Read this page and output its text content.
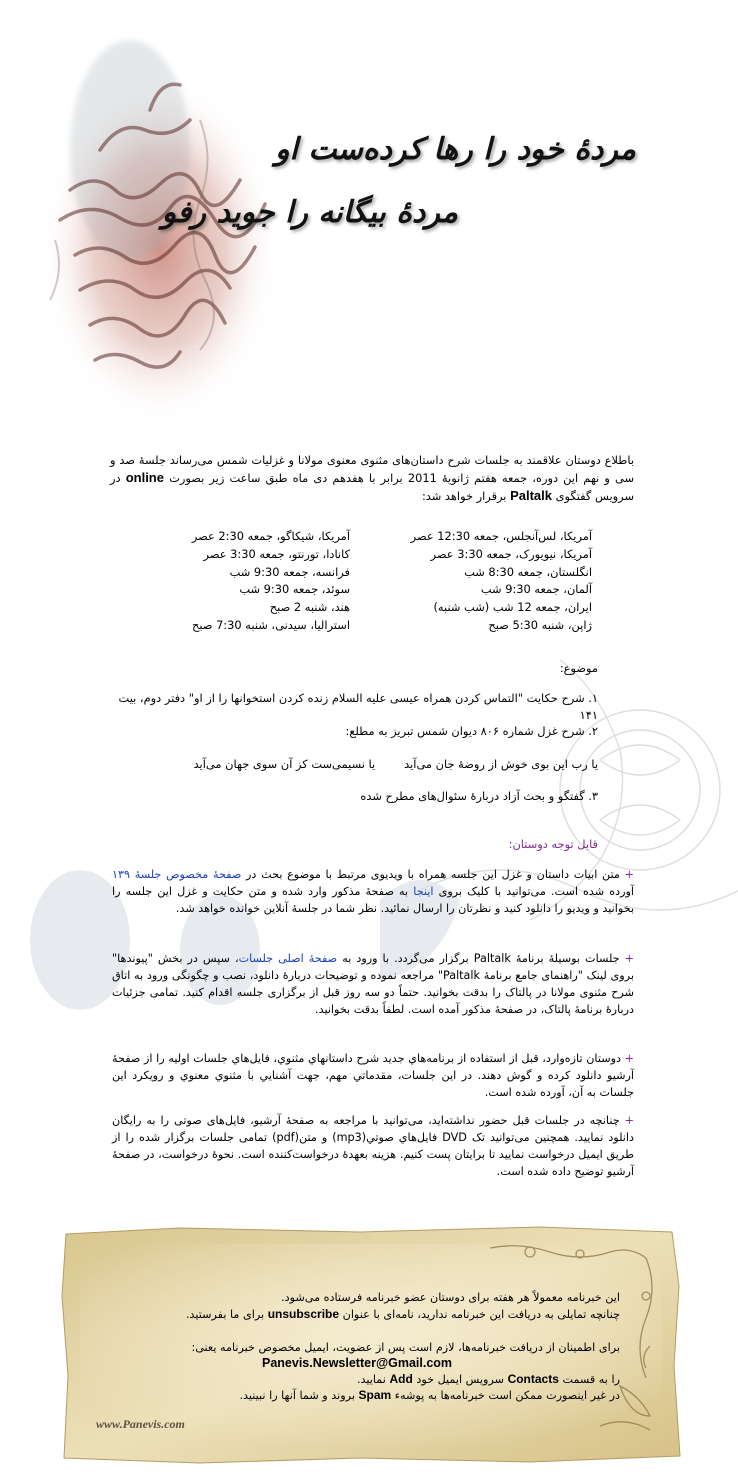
مردۀ خود را رها کرده‌ست او
مردۀ بیگانه را جوید رفو
باطلاع دوستان علاقمند به جلسات شرح داستان‌های مثنوی معنوی مولانا و غزلیات شمس می‌رساند جلسۀ صد و سی و نهم این دوره، جمعه هفتم ژانویۀ 2011 برابر با هفدهم دی ماه طبق ساعت زیر بصورت online در سرویس گفتگوی Paltalk برقرار خواهد شد:
آمریکا، لس‌آنجلس، جمعه 12:30 عصر
آمریکا، نیویورک، جمعه 3:30 عصر
انگلستان، جمعه 8:30 شب
آلمان، جمعه 9:30 شب
ایران، جمعه 12 شب (شب شنبه)
ژاپن، شنبه 5:30 صبح
آمریکا، شیکاگو، جمعه 2:30 عصر
کانادا، تورنتو، جمعه 3:30 عصر
فرانسه، جمعه 9:30 شب
سوئد، جمعه 9:30 شب
هند، شنبه 2 صبح
استرالیا، سیدنی، شنبه 7:30 صبح
موضوع:
۱. شرح حکایت "التماس کردن همراه عیسی علیه السلام زنده کردن استخوانها را از او" دفتر دوم، بیت ۱۴۱
۲. شرح غزل شماره ۸۰۶ دیوان شمس تبریز به مطلع:
یا رب این بوی خوش از روضۀ جان می‌آید        یا نسیمی‌ست کز آن سوی جهان می‌آید
۳. گفتگو و بحث آزاد دربارۀ سئوال‌های مطرح شده
قابل توجه دوستان:
+ متن ابیات داستان و غزل این جلسه همراه با ویدیوی مرتبط با موضوع بحث در صفحۀ مخصوص جلسۀ ۱۳۹ آورده شده است. می‌توانید با کلیک بروی اینجا به صفحۀ مذکور وارد شده و متن حکایت و غزل این جلسه را بخوانید و ویدیو را دانلود کنید و نظرتان را ارسال نمائید. نظر شما در جلسۀ آنلاین خوانده خواهد شد.
+ جلسات بوسیلۀ برنامۀ Paltalk برگزار می‌گردد. با ورود به صفحۀ اصلی جلسات، سپس در بخش "پیوندها" بروی لینک "راهنمای جامع برنامۀ Paltalk" مراجعه نموده و توضیحات دربارۀ دانلود، نصب و چگونگی ورود به اتاق شرح مثنوی مولانا در پالتاک را بدقت بخوانید. حتماً دو سه روز قبل از برگزاری جلسه اقدام کنید. تمامی جزئیات دربارۀ برنامۀ پالتاک، در صفحۀ مذکور آمده است. لطفاً بدقت بخوانید.
+ دوستان تازه‌وارد، قبل از استفاده از برنامه‌هاي جديد شرح داستانهاي مثنوي، فايل‌هاي جلسات اوليه را از صفحۀ آرشيو دانلود كرده و گوش دهند. در اين جلسات، مقدماتي مهم، جهت آشنايي با مثنوي معنوي و رويكرد اين جلسات به آن، آورده شده است.
+ چنانچه در جلسات قبل حضور نداشته‌اید، می‌توانید با مراجعه به صفحۀ آرشیو، فایل‌های صوتی را به رایگان دانلود نمایید. همچنین می‌توانید تک DVD فایل‌هاي صوتي(mp3) و متن(pdf) تمامی جلسات برگزار شده را از طریق ایمیل درخواست نمایید تا برایتان پست کنیم. هزینه بعهدۀ درخواست‌کننده است. نحوۀ درخواست، در صفحۀ آرشیو توضیح داده شده است.
این خبرنامه معمولاً هر هفته برای دوستان عضو خبرنامه فرستاده می‌شود.
چنانچه تمایلی به دریافت این خبرنامه ندارید، نامه‌ای با عنوان unsubscribe برای ما بفرستید.
برای اطمینان از دریافت خبرنامه‌ها، لازم است پس از عضویت، ایمیل مخصوص خبرنامه یعنی:
Panevis.Newsletter@Gmail.com
را به قسمت Contacts سرویس ایمیل خود Add نمایید.
در غیر اینصورت ممکن است خبرنامه‌ها به پوشه‌ء Spam بروند و شما آنها را نبینید.
www.Panevis.com
